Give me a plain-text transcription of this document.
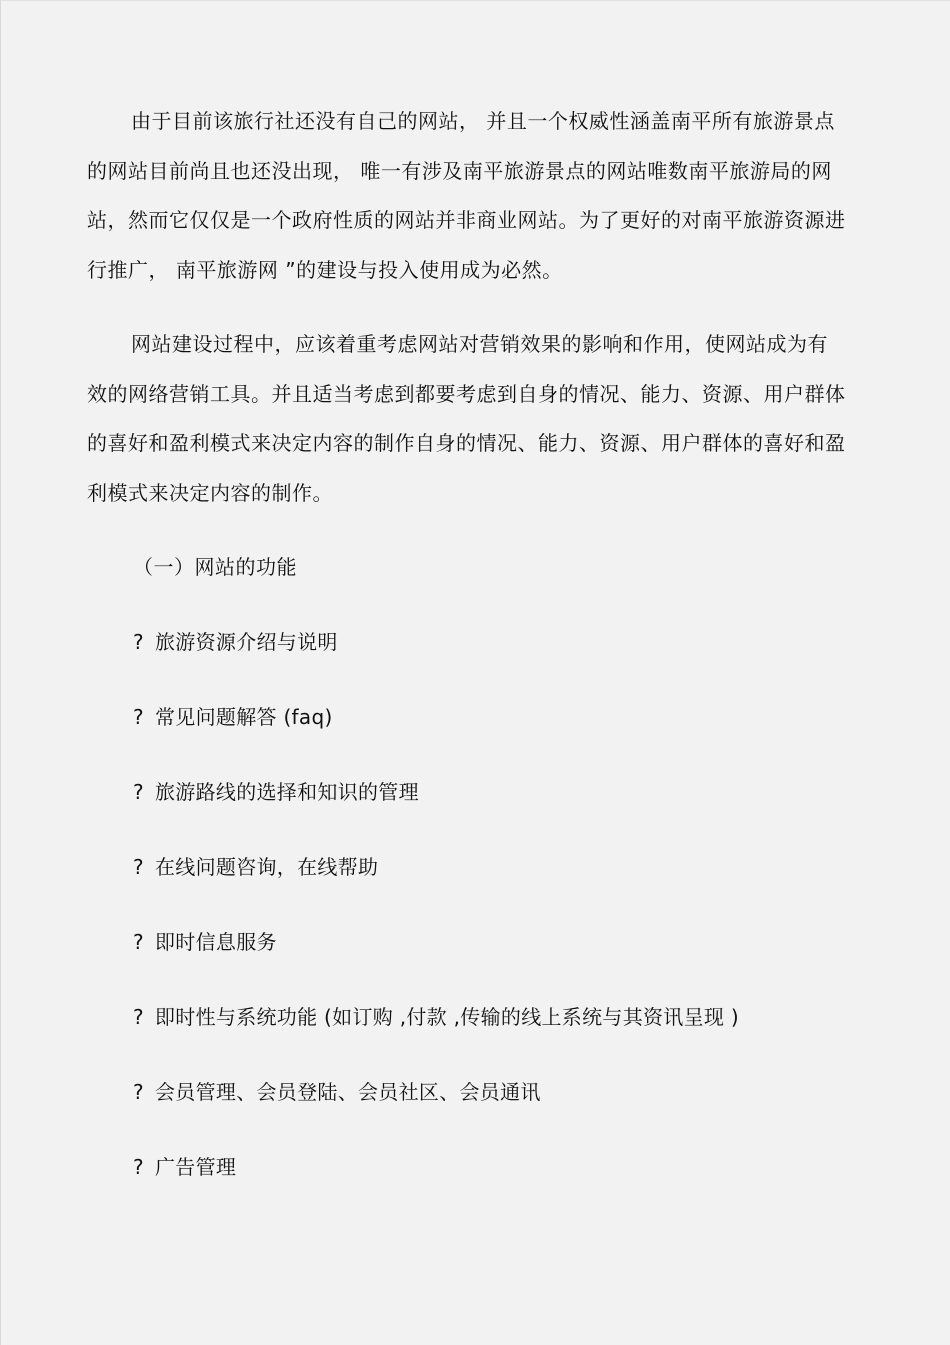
由于目前该旅行社还没有自己的网站， 并且一个权威性涵盖南平所有旅游景点的网站目前尚且也还没出现， 唯一有涉及南平旅游景点的网站唯数南平旅游局的网站，然而它仅仅是一个政府性质的网站并非商业网站。为了更好的对南平旅游资源进行推广， 南平旅游网 ”的建设与投入使用成为必然。

网站建设过程中，应该着重考虑网站对营销效果的影响和作用，使网站成为有效的网络营销工具。并且适当考虑到都要考虑到自身的情况、能力、资源、用户群体的喜好和盈利模式来决定内容的制作自身的情况、能力、资源、用户群体的喜好和盈利模式来决定内容的制作。

（一）网站的功能
? 旅游资源介绍与说明
? 常见问题解答 (faq)
? 旅游路线的选择和知识的管理
? 在线问题咨询，在线帮助
? 即时信息服务
? 即时性与系统功能 (如订购 ,付款 ,传输的线上系统与其资讯呈现 )
? 会员管理、会员登陆、会员社区、会员通讯
? 广告管理
